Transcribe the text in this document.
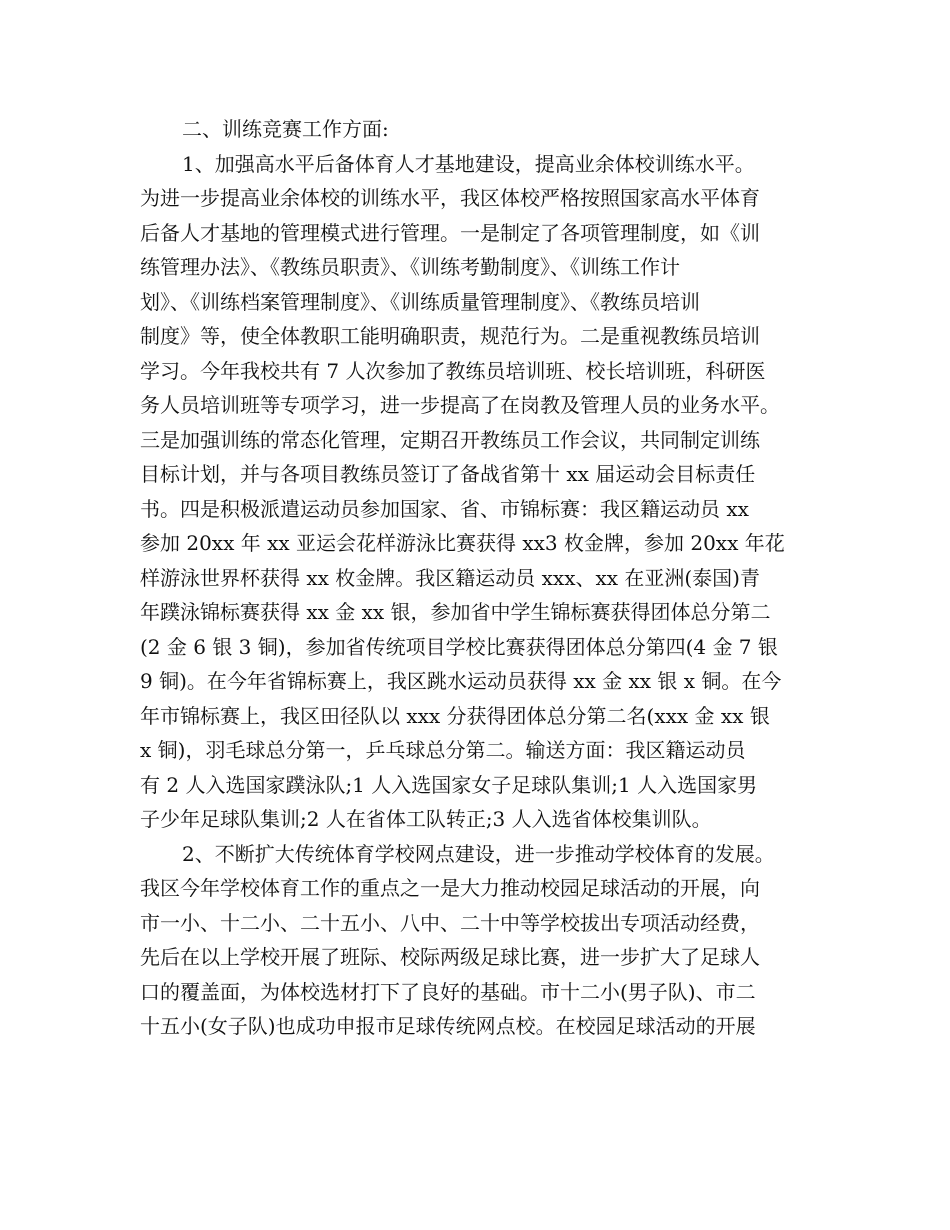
二、训练竞赛工作方面:
1、加强高水平后备体育人才基地建设，提高业余体校训练水平。
为进一步提高业余体校的训练水平，我区体校严格按照国家高水平体育
后备人才基地的管理模式进行管理。一是制定了各项管理制度，如《训
练管理办法》、《教练员职责》、《训练考勤制度》、《训练工作计
划》、《训练档案管理制度》、《训练质量管理制度》、《教练员培训
制度》等，使全体教职工能明确职责，规范行为。二是重视教练员培训
学习。今年我校共有 7 人次参加了教练员培训班、校长培训班，科研医
务人员培训班等专项学习，进一步提高了在岗教及管理人员的业务水平。
三是加强训练的常态化管理，定期召开教练员工作会议，共同制定训练
目标计划，并与各项目教练员签订了备战省第十 xx 届运动会目标责任
书。四是积极派遣运动员参加国家、省、市锦标赛：我区籍运动员 xx
参加 20xx 年 xx 亚运会花样游泳比赛获得 xx3 枚金牌，参加 20xx 年花
样游泳世界杯获得 xx 枚金牌。我区籍运动员 xxx、xx 在亚洲(泰国)青
年蹼泳锦标赛获得 xx 金 xx 银，参加省中学生锦标赛获得团体总分第二
(2 金 6 银 3 铜)，参加省传统项目学校比赛获得团体总分第四(4 金 7 银
9 铜)。在今年省锦标赛上，我区跳水运动员获得 xx 金 xx 银 x 铜。在今
年市锦标赛上，我区田径队以 xxx 分获得团体总分第二名(xxx 金 xx 银
x 铜)，羽毛球总分第一，乒乓球总分第二。输送方面：我区籍运动员
有 2 人入选国家蹼泳队;1 人入选国家女子足球队集训;1 人入选国家男
子少年足球队集训;2 人在省体工队转正;3 人入选省体校集训队。
2、不断扩大传统体育学校网点建设，进一步推动学校体育的发展。
我区今年学校体育工作的重点之一是大力推动校园足球活动的开展，向
市一小、十二小、二十五小、八中、二十中等学校拔出专项活动经费，
先后在以上学校开展了班际、校际两级足球比赛，进一步扩大了足球人
口的覆盖面，为体校选材打下了良好的基础。市十二小(男子队)、市二
十五小(女子队)也成功申报市足球传统网点校。在校园足球活动的开展
